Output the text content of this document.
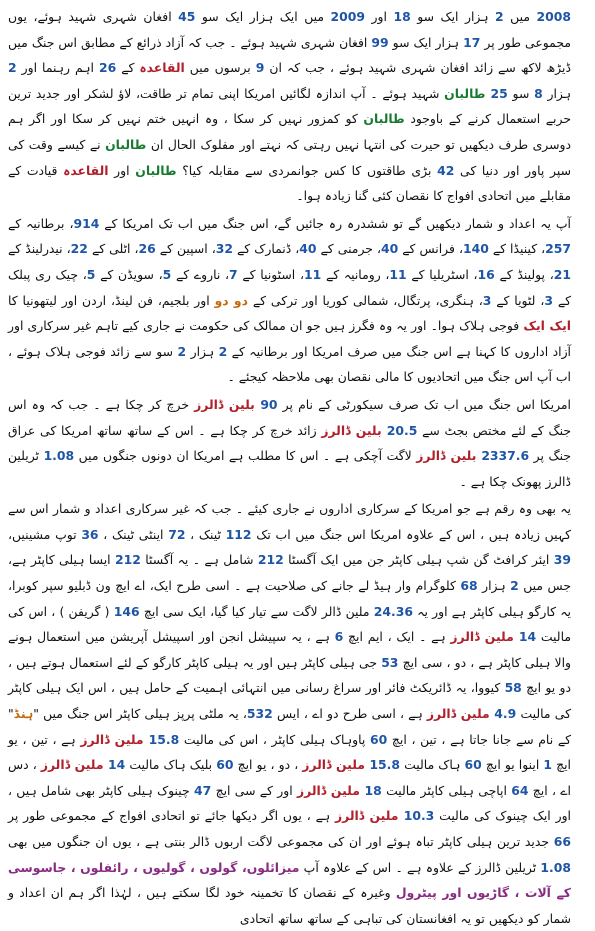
2008 میں 2 ہزار ایک سو 18 اور 2009 میں ایک ہزار ایک سو 45 افغان شہری شہید ہوئے، یوں مجموعی طور پر 17 ہزار ایک سو 99 افغان شہری شہید ہوئے ۔ جب کہ آزاد ذرائع کے مطابق اس جنگ میں ڈیڑھ لاکھ سے زائد افغان شہری شہید ہوئے ، جب کہ ان 9 برسوں میں القاعدہ کے 26 اہم رہنما اور 2 ہزار 8 سو 25 طالبان شہید ہوئے ۔ آپ اندازہ لگائیں امریکا اپنی تمام تر طاقت، لاؤ لشکر اور جدید ترین حربے استعمال کرنے کے باوجود طالبان کو کمزور نہیں کر سکا ، وہ انہیں ختم نہیں کر سکا اور اگر ہم دوسری طرف دیکھیں تو حیرت کی انتہا نہیں رہتی کہ نہتے اور مفلوک الحال ان طالبان نے کیسے وقت کی سپر پاور اور دنیا کی 42 بڑی طاقتوں کا کس جوانمردی سے مقابلہ کیا؟ طالبان اور القاعدہ قیادت کے مقابلے میں اتحادی افواج کا نقصان کئی گنا زیادہ ہوا۔

آپ یہ اعداد و شمار دیکھیں گے تو ششدرہ رہ جائیں گے، اس جنگ میں اب تک امریکا کے 914، برطانیہ کے 257، کینیڈا کے 140، فرانس کے 40، جرمنی کے 40، ڈنمارک کے 32، اسپین کے 26، اٹلی کے 22، نیدرلینڈ کے 21، پولینڈ کے 16، اسٹریلیا کے 11، رومانیہ کے 11، اسٹونیا کے 7، ناروے کے 5، سویڈن کے 5، چیک ری پبلک کے 3، لٹویا کے 3، ہنگری، پرتگال، شمالی کوریا اور ترکی کے دو دو اور بلجیم، فن لینڈ، اردن اور لیتھونیا کا ایک ایک فوجی ہلاک ہوا۔ اور یہ وہ فگرز ہیں جو ان ممالک کی حکومت نے جاری کیے تاہم غیر سرکاری اور آزاد اداروں کا کہنا ہے اس جنگ میں صرف امریکا اور برطانیہ کے 2 ہزار 2 سو سے زائد فوجی ہلاک ہوئے ، اب آپ اس جنگ میں اتحادیوں کا مالی نقصان بھی ملاحظہ کیجئے ۔

امریکا اس جنگ میں اب تک صرف سیکورٹی کے نام پر 90 بلین ڈالرز خرچ کر چکا ہے ۔ جب کہ وہ اس جنگ کے لئے مختص بجٹ سے 20.5 بلین ڈالرز زائد خرچ کر چکا ہے ۔ اس کے ساتھ ساتھ امریکا کی عراق جنگ پر 2337.6 بلین ڈالرز لاگت آچکی ہے ۔ اس کا مطلب ہے امریکا ان دونوں جنگوں میں 1.08 ٹریلین ڈالرز پھونک چکا ہے ۔

یہ بھی وہ رقم ہے جو امریکا کے سرکاری اداروں نے جاری کیئے ۔ جب کہ غیر سرکاری اعداد و شمار اس سے کہیں زیادہ ہیں ، اس کے علاوہ امریکا اس جنگ میں اب تک 112 ٹینک ، 72 اینٹی ٹینک ، 36 توپ مشینیں، 39 ایئر کرافٹ گن شپ ہیلی کاپٹر جن میں ایک آگسٹا 212 شامل ہے ۔ یہ آگسٹا 212 ایسا ہیلی کاپٹر ہے، جس میں 2 ہزار 68 کلوگرام وار ہیڈ لے جانے کی صلاحیت ہے ۔ اسی طرح ایک، اے ایچ ون ڈبلیو سپر کوبرا، یہ کارگو ہیلی کاپٹر ہے اور یہ 24.36 ملین ڈالر لاگت سے تیار کیا گیا، ایک سی ایچ 146 ( گریفن ) ، اس کی مالیت 14 ملین ڈالرز ہے ۔ ایک ، ایم ایچ 6 ہے ، یہ سپیشل انجن اور اسپیشل آپریشن میں استعمال ہونے والا ہیلی کاپٹر ہے ، دو ، سی ایچ 53 جی ہیلی کاپٹر ہیں اور یہ ہیلی کاپٹر کارگو کے لئے استعمال ہوتے ہیں ، دو یو ایچ 58 کیووا، یہ ڈائریکٹ فائر اور سراغ رسانی میں انتہائی اہمیت کے حامل ہیں ، اس ایک ہیلی کاپٹر کی مالیت 4.9 ملین ڈالرز ہے ، اسی طرح دو اے ، ایس 532، یہ ملٹی پرپز ہیلی کاپٹر اس جنگ میں "ہنڈ" کے نام سے جانا جاتا ہے ، تین ، ایچ 60 پاوہاک ہیلی کاپٹر ، اس کی مالیت 15.8 ملین ڈالرز ہے ، تین ، یو ایچ 1 اینوا یو ایچ 60 ہاک مالیت 15.8 ملین ڈالرز ، دو ، یو ایچ 60 بلیک ہاک مالیت 14 ملین ڈالرز ، دس اے ، ایچ 64 اپاچی ہیلی کاپٹر مالیت 18 ملین ڈالرز اور کے سی ایچ 47 چینوک ہیلی کاپٹر بھی شامل ہیں ، اور ایک چینوک کی مالیت 10.3 ملین ڈالرز ہے ، یوں اگر دیکھا جائے تو اتحادی افواج کے مجموعی طور پر 66 جدید ترین ہیلی کاپٹر تباہ ہوئے اور ان کی مجموعی لاگت اربوں ڈالر بنتی ہے ، یوں ان جنگوں میں بھی 1.08 ٹریلین ڈالرز کے علاوہ ہے ۔ اس کے علاوہ آپ میزائلوں، گولوں ، گولیوں ، رائفلوں ، جاسوسی کے آلات ، گاڑیوں اور پیٹرول وغیرہ کے نقصان کا تخمینہ خود لگا سکتے ہیں ، لہٰذا اگر ہم ان اعداد و شمار کو دیکھیں تو یہ افغانستان کی تباہی کے ساتھ ساتھ اتحادی
